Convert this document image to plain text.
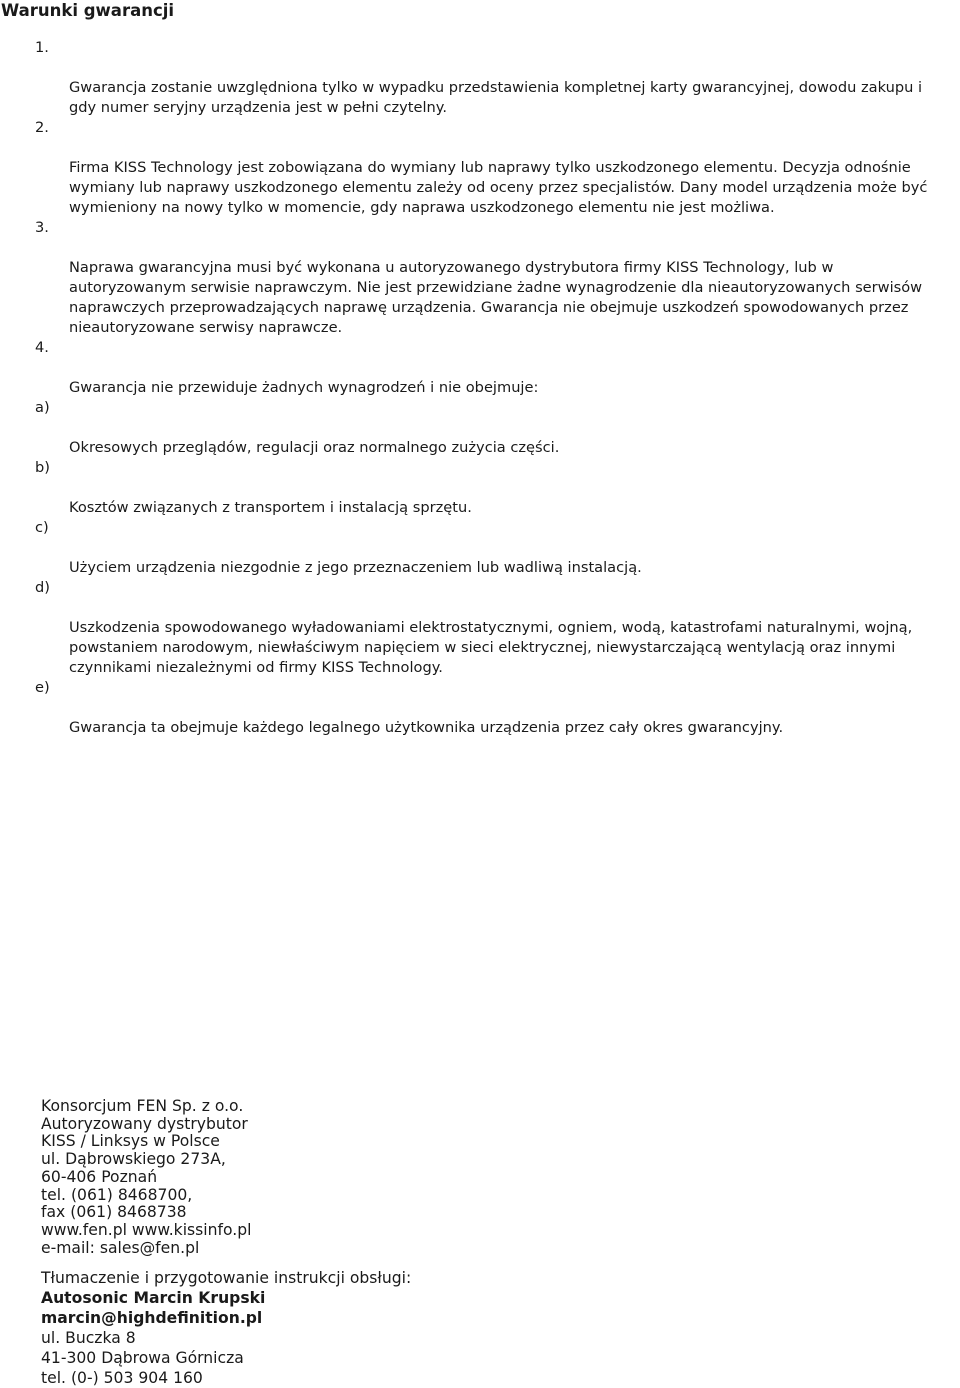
Warunki gwarancji

1.

Gwarancja zostanie uwzględniona tylko w wypadku przedstawienia kompletnej karty gwarancyjnej, dowodu zakupu i
gdy numer seryjny urządzenia jest w pełni czytelny.

2.

Firma KISS Technology jest zobowiązana do wymiany lub naprawy tylko uszkodzonego elementu. Decyzja odnośnie
wymiany lub naprawy uszkodzonego elementu zależy od oceny przez specjalistów. Dany model urządzenia może być
wymieniony na nowy tylko w momencie, gdy naprawa uszkodzonego elementu nie jest możliwa.

3.

Naprawa gwarancyjna musi być wykonana u autoryzowanego dystrybutora firmy KISS Technology, lub w
autoryzowanym serwisie naprawczym. Nie jest przewidziane żadne wynagrodzenie dla nieautoryzowanych serwisów
naprawczych przeprowadzających naprawę urządzenia. Gwarancja nie obejmuje uszkodzeń spowodowanych przez
nieautoryzowane serwisy naprawcze.

4.

Gwarancja nie przewiduje żadnych wynagrodzeń i nie obejmuje:

a)

Okresowych przeglądów, regulacji oraz normalnego zużycia części.

b)

Kosztów związanych z transportem i instalacją sprzętu.

c)

Użyciem urządzenia niezgodnie z jego przeznaczeniem lub wadliwą instalacją.

d)

Uszkodzenia spowodowanego wyładowaniami elektrostatycznymi, ogniem, wodą, katastrofami naturalnymi, wojną,
powstaniem narodowym, niewłaściwym napięciem w sieci elektrycznej, niewystarczającą wentylacją oraz innymi
czynnikami niezależnymi od firmy KISS Technology.

e)

Gwarancja ta obejmuje każdego legalnego użytkownika urządzenia przez cały okres gwarancyjny.

Konsorcjum FEN Sp. z o.o.
Autoryzowany dystrybutor
KISS / Linksys w Polsce
ul. Dąbrowskiego 273A,
60-406 Poznań
tel. (061) 8468700,
fax (061) 8468738
www.fen.pl www.kissinfo.pl
e-mail: sales@fen.pl
Tłumaczenie i przygotowanie instrukcji obsługi:
Autosonic Marcin Krupski
marcin@highdefinition.pl
ul. Buczka 8
41-300 Dąbrowa Górnicza
tel. (0-) 503 904 160
